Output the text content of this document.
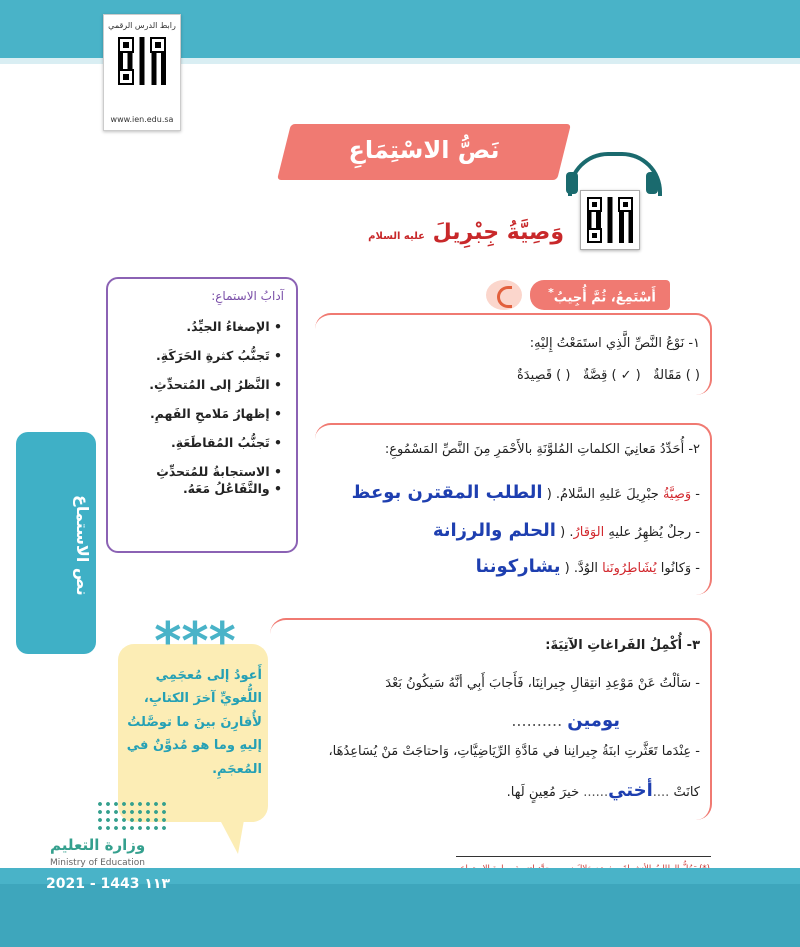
رابط الدرس الرقمي
www.ien.edu.sa
نَصُّ الاسْتِمَاعِ
وَصِيَّةُ جِبْرِيلَ عليه السلام
آدابُ الاستماعِ:
• الإصغاءُ الجيِّدُ.
• تَجنُّبُ كثرةِ الحَرَكَةِ.
• النَّظرُ إلى المُتحدِّثِ.
• إظهارُ مَلامحِ الفَهمِ.
• تَجنُّبُ المُقاطَعَةِ.
• الاستجابةُ للمُتحدِّثِ
• والتَّفَاعُلُ مَعَهُ.
نص الاستماع
أَسْتَمِعُ، ثُمَّ أُجِيبُ*
١- نَوْعُ النَّصِّ الَّذِي استَمَعْتُ إِليْهِ:
( ) مَقَالةٌ   ( ✓ ) قِصَّةٌ   ( ) قَصِيدَةٌ
٢- أُحَدِّدُ مَعانِيَ الكلماتِ المُلوَّنَةِ بالأَحْمَرِ مِنَ النَّصِّ المَسْمُوعِ:
- وَصِيَّةُ جبْرِيلَ عَليهِ السَّلامُ. ( الطلب المقترن بوعظ
- رجلٌ يُظهِرُ عليهِ الوَقارُ. ( الحلم والرزانة
- وَكانُوا يُشَاطِرُونَنا الوُدَّ. ( يشاركوننا
٣- أُكْمِلُ الفَراغاتِ الآتِيَةَ:
- سَألْتُ عَنْ مَوْعِدِ انتِقالِ جِيرانِنَا، فَأَجابَ أَبِي أنَّهُ سَيكُونُ بَعْدَ
يومين ..........
- عِنْدَما تَعَثَّرتِ ابنَةُ جِيرانِنا في مَادَّةِ الرِّيَاضِيَّاتِ، وَاحتاجَتْ مَنْ يُسَاعِدُهَا،
كانَتْ ....أختي...... خيرَ مُعِينٍ لَها.
***
أَعودُ إلى مُعجَمِي اللُّغويِّ آخرَ الكتابِ، لأُقارِنَ بينَ ما توصَّلتُ إليهِ وما هو مُدوَّنٌ في المُعجَمِ.
وزارة التعليم
Ministry of Education
2021 - 1443 ١١٣
